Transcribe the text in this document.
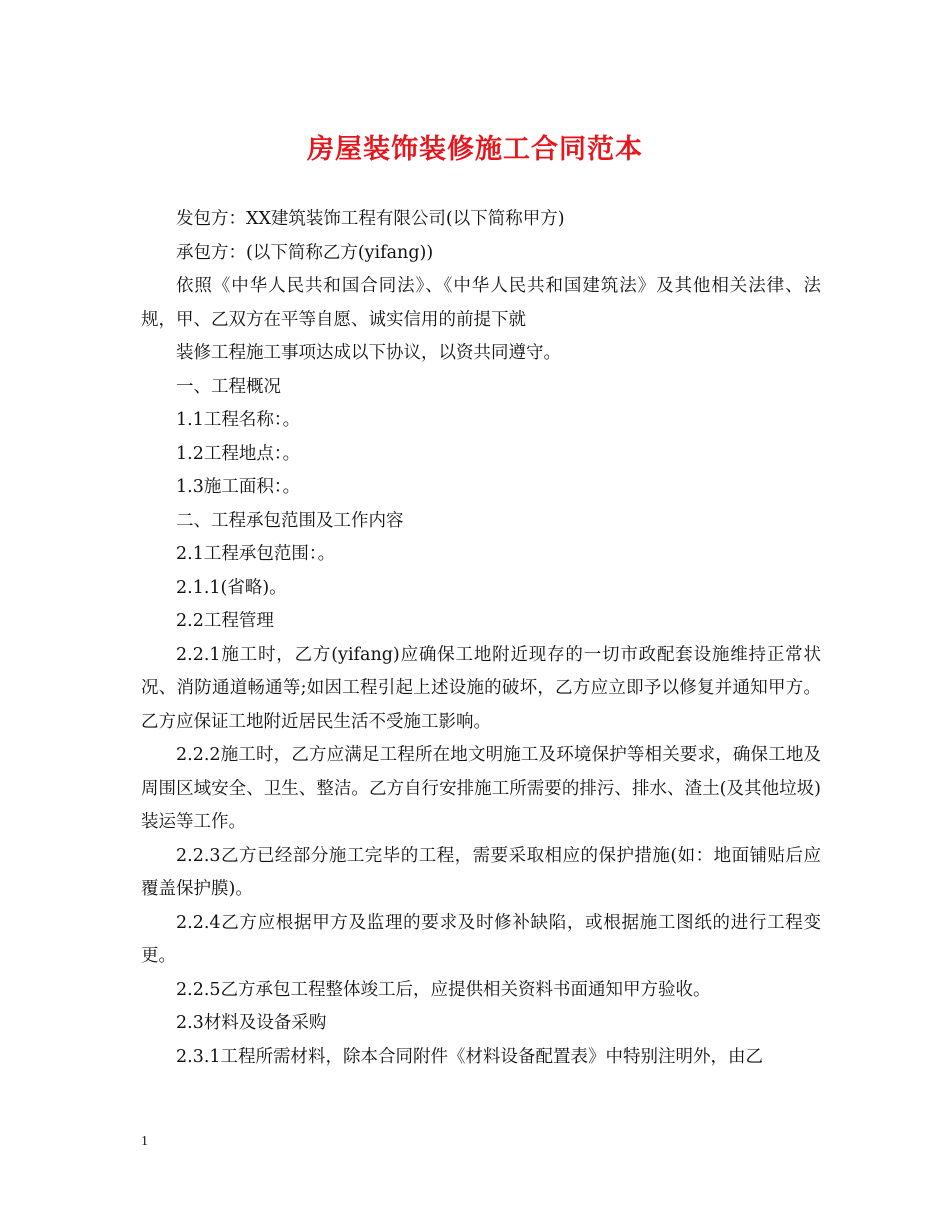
房屋装饰装修施工合同范本

发包方：XX建筑装饰工程有限公司(以下简称甲方)

承包方：(以下简称乙方(yifang))

依照《中华人民共和国合同法》、《中华人民共和国建筑法》及其他相关法律、法规，甲、乙双方在平等自愿、诚实信用的前提下就

装修工程施工事项达成以下协议，以资共同遵守。

一、工程概况

1.1工程名称：。

1.2工程地点：。

1.3施工面积：。

二、工程承包范围及工作内容

2.1工程承包范围：。

2.1.1(省略)。

2.2工程管理

2.2.1施工时，乙方(yifang)应确保工地附近现存的一切市政配套设施维持正常状况、消防通道畅通等;如因工程引起上述设施的破坏，乙方应立即予以修复并通知甲方。乙方应保证工地附近居民生活不受施工影响。

2.2.2施工时，乙方应满足工程所在地文明施工及环境保护等相关要求，确保工地及周围区域安全、卫生、整洁。乙方自行安排施工所需要的排污、排水、渣土(及其他垃圾)装运等工作。

2.2.3乙方已经部分施工完毕的工程，需要采取相应的保护措施(如：地面铺贴后应覆盖保护膜)。

2.2.4乙方应根据甲方及监理的要求及时修补缺陷，或根据施工图纸的进行工程变更。

2.2.5乙方承包工程整体竣工后，应提供相关资料书面通知甲方验收。

2.3材料及设备采购

2.3.1工程所需材料，除本合同附件《材料设备配置表》中特别注明外，由乙

1
